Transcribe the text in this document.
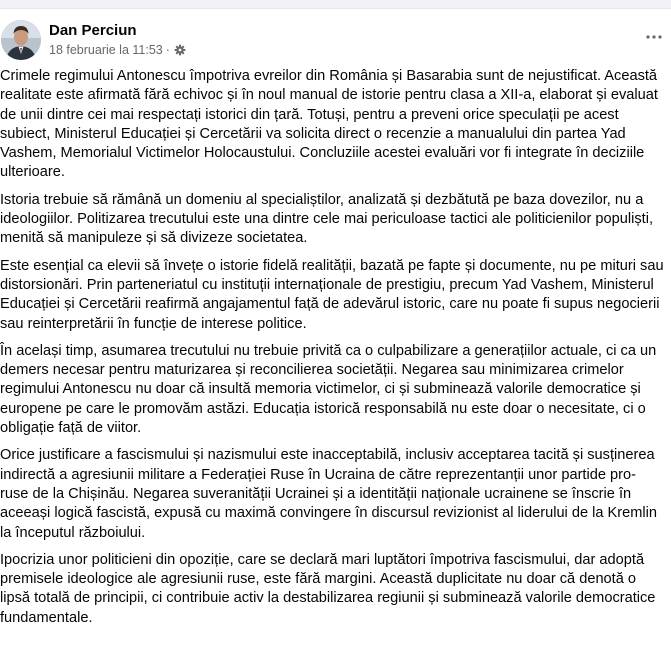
Dan Perciun
18 februarie la 11:53 ·

Crimele regimului Antonescu împotriva evreilor din România și Basarabia sunt de nejustificat. Această
realitate este afirmată fără echivoc și în noul manual de istorie pentru clasa a XII-a, elaborat și evaluat
de unii dintre cei mai respectați istorici din țară. Totuși, pentru a preveni orice speculații pe acest
subiect, Ministerul Educației și Cercetării va solicita direct o recenzie a manualului din partea Yad
Vashem, Memorialul Victimelor Holocaustului. Concluziile acestei evaluări vor fi integrate în deciziile
ulterioare.

Istoria trebuie să rămână un domeniu al specialiștilor, analizată și dezbătută pe baza dovezilor, nu a
ideologiilor. Politizarea trecutului este una dintre cele mai periculoase tactici ale politicienilor populiști,
menită să manipuleze și să divizeze societatea.

Este esențial ca elevii să învețe o istorie fidelă realității, bazată pe fapte și documente, nu pe mituri sau
distorsionări. Prin parteneriatul cu instituții internaționale de prestigiu, precum Yad Vashem, Ministerul
Educației și Cercetării reafirmă angajamentul față de adevărul istoric, care nu poate fi supus negocierii
sau reinterpretării în funcție de interese politice.

În același timp, asumarea trecutului nu trebuie privită ca o culpabilizare a generațiilor actuale, ci ca un
demers necesar pentru maturizarea și reconcilierea societății. Negarea sau minimizarea crimelor
regimului Antonescu nu doar că insultă memoria victimelor, ci și subminează valorile democratice și
europene pe care le promovăm astăzi. Educația istorică responsabilă nu este doar o necesitate, ci o
obligație față de viitor.

Orice justificare a fascismului și nazismului este inacceptabilă, inclusiv acceptarea tacită și susținerea
indirectă a agresiunii militare a Federației Ruse în Ucraina de către reprezentanții unor partide pro-
ruse de la Chișinău. Negarea suveranității Ucrainei și a identității naționale ucrainene se înscrie în
aceeași logică fascistă, expusă cu maximă convingere în discursul revizionist al liderului de la Kremlin
la începutul războiului.

Ipocrizia unor politicieni din opoziție, care se declară mari luptători împotriva fascismului, dar adoptă
premisele ideologice ale agresiunii ruse, este fără margini. Această duplicitate nu doar că denotă o
lipsă totală de principii, ci contribuie activ la destabilizarea regiunii și subminează valorile democratice
fundamentale.
